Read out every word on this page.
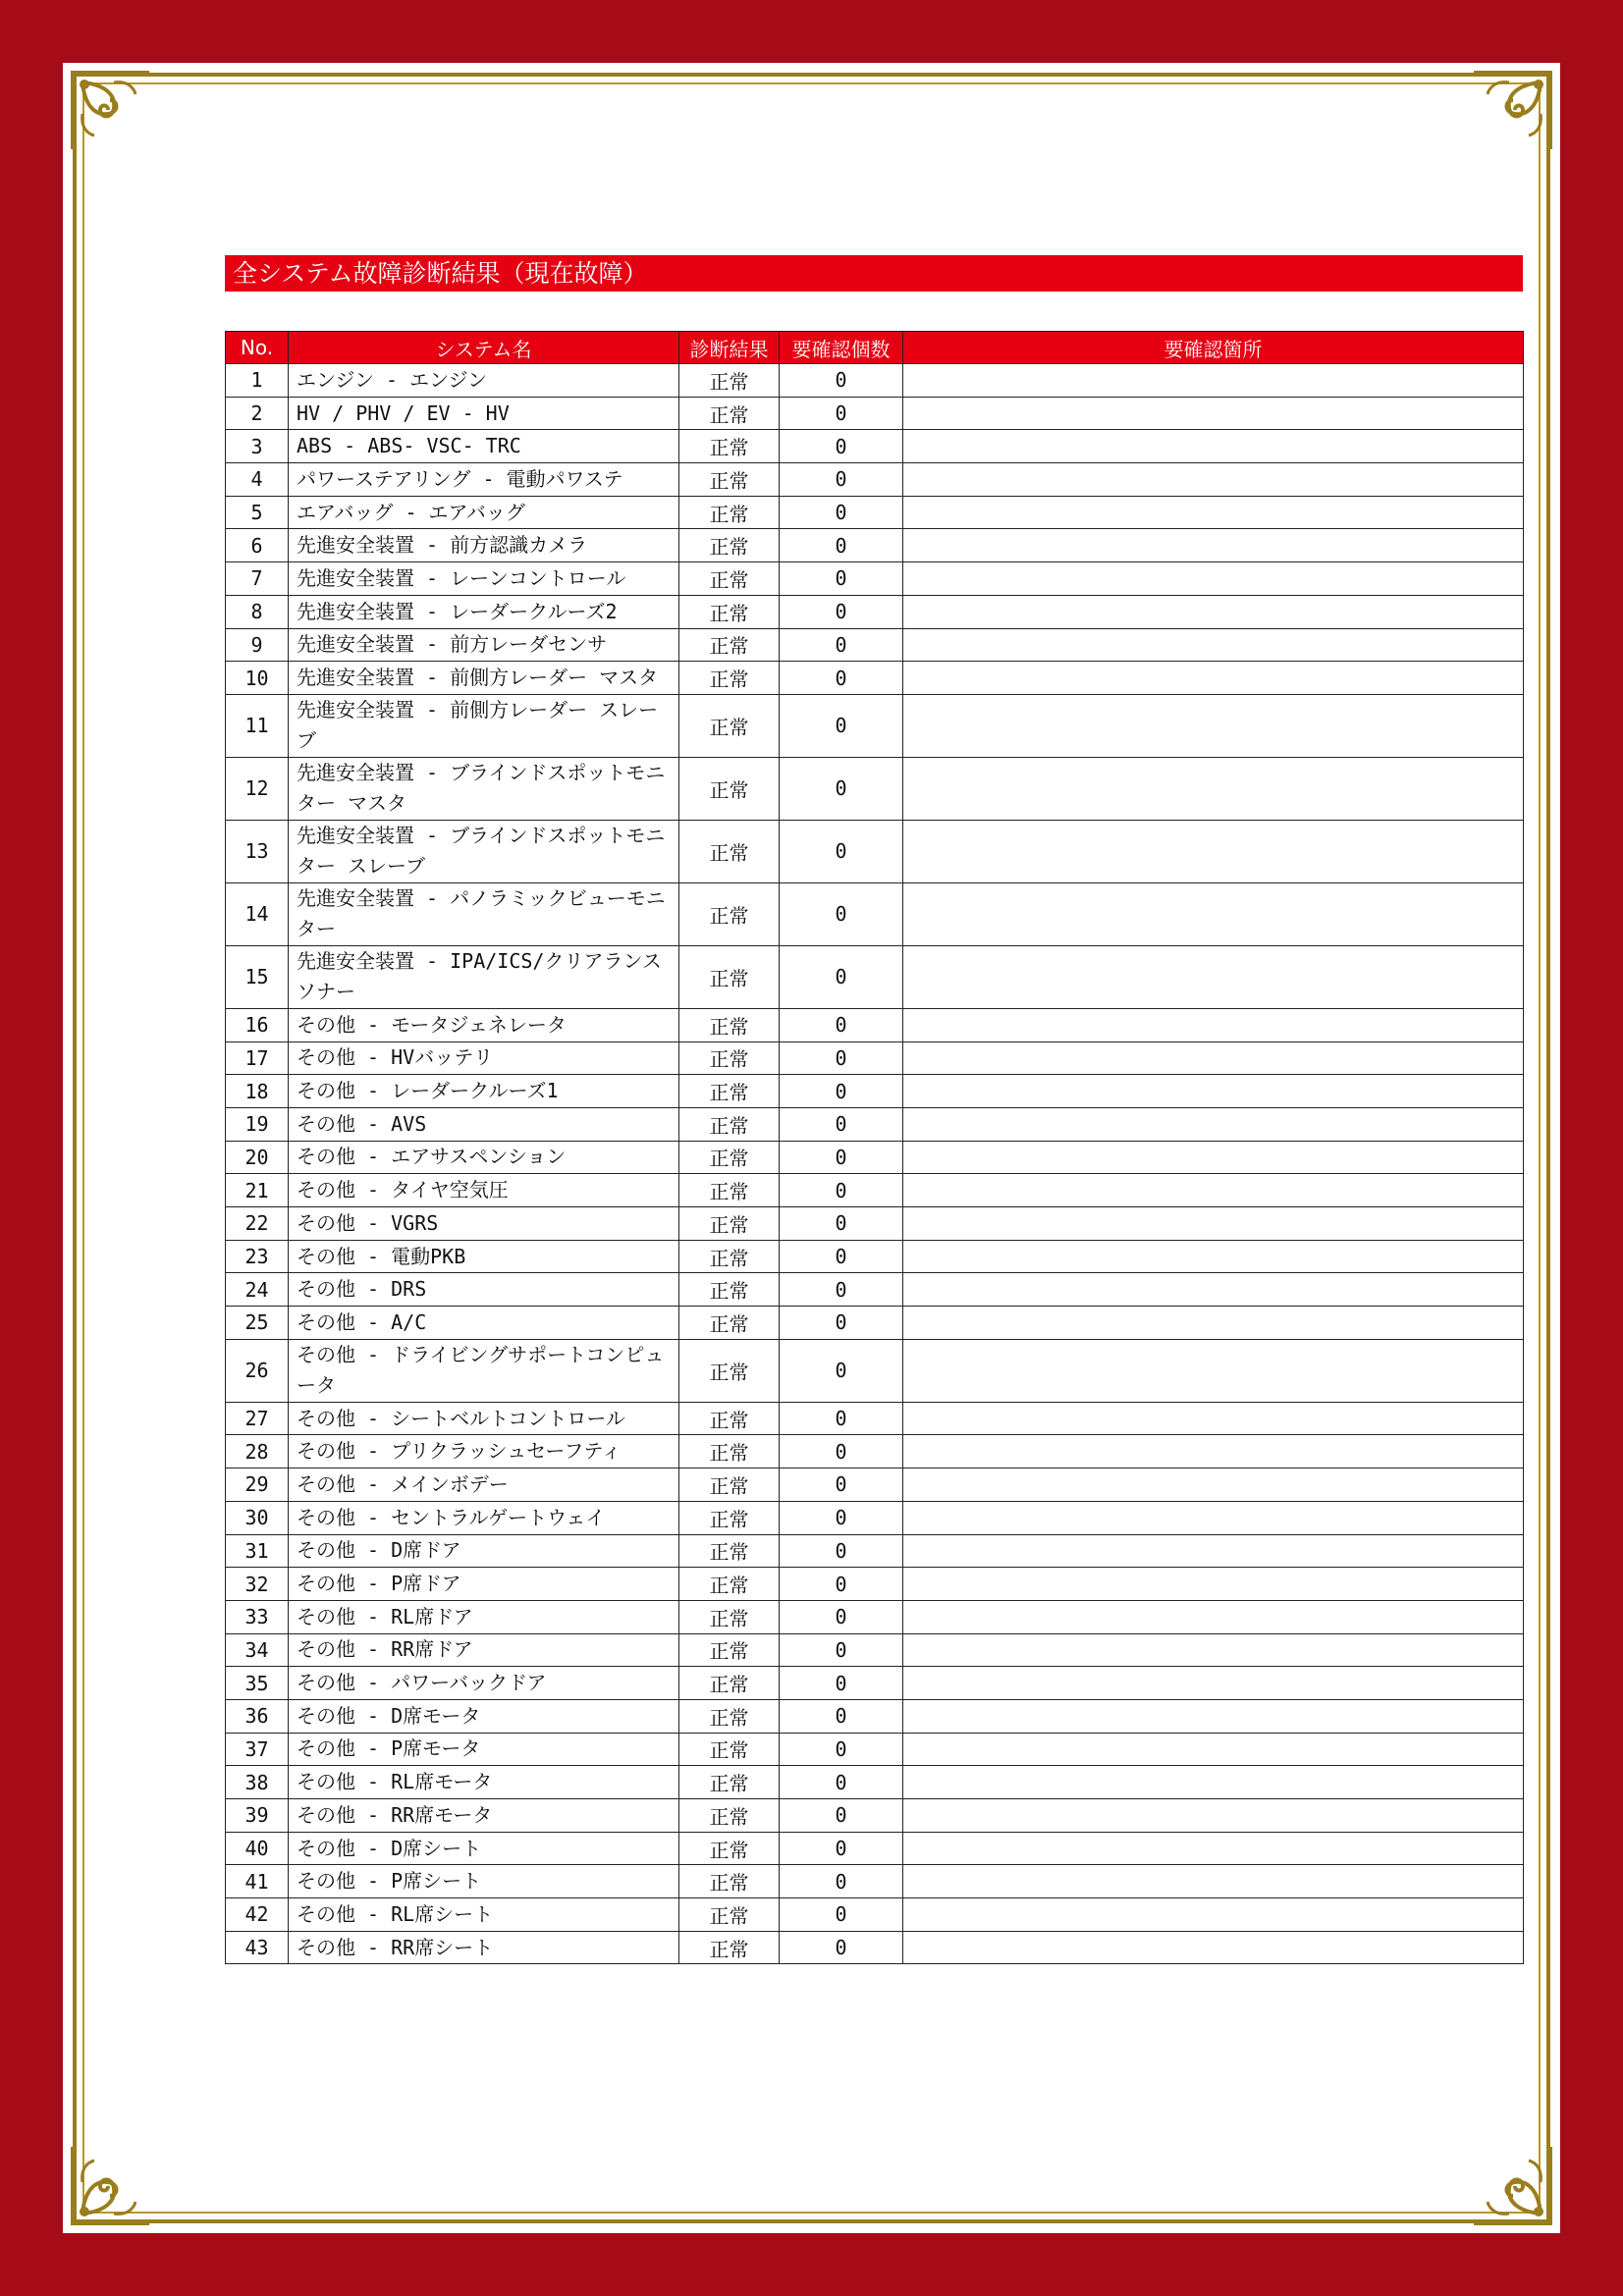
全システム故障診断結果（現在故障）
No.	システム名	診断結果	要確認個数	要確認箇所
1	エンジン - エンジン	正常	0	
2	HV / PHV / EV - HV	正常	0	
3	ABS - ABS- VSC- TRC	正常	0	
4	パワーステアリング - 電動パワステ	正常	0	
5	エアバッグ - エアバッグ	正常	0	
6	先進安全装置 - 前方認識カメラ	正常	0	
7	先進安全装置 - レーンコントロール	正常	0	
8	先進安全装置 - レーダークルーズ2	正常	0	
9	先進安全装置 - 前方レーダセンサ	正常	0	
10	先進安全装置 - 前側方レーダー マスタ	正常	0	
11	先進安全装置 - 前側方レーダー スレーブ	正常	0	
12	先進安全装置 - ブラインドスポットモニター マスタ	正常	0	
13	先進安全装置 - ブラインドスポットモニター スレーブ	正常	0	
14	先進安全装置 - パノラミックビューモニター	正常	0	
15	先進安全装置 - IPA/ICS/クリアランスソナー	正常	0	
16	その他 - モータジェネレータ	正常	0	
17	その他 - HVバッテリ	正常	0	
18	その他 - レーダークルーズ1	正常	0	
19	その他 - AVS	正常	0	
20	その他 - エアサスペンション	正常	0	
21	その他 - タイヤ空気圧	正常	0	
22	その他 - VGRS	正常	0	
23	その他 - 電動PKB	正常	0	
24	その他 - DRS	正常	0	
25	その他 - A/C	正常	0	
26	その他 - ドライビングサポートコンピュータ	正常	0	
27	その他 - シートベルトコントロール	正常	0	
28	その他 - プリクラッシュセーフティ	正常	0	
29	その他 - メインボデー	正常	0	
30	その他 - セントラルゲートウェイ	正常	0	
31	その他 - D席ドア	正常	0	
32	その他 - P席ドア	正常	0	
33	その他 - RL席ドア	正常	0	
34	その他 - RR席ドア	正常	0	
35	その他 - パワーバックドア	正常	0	
36	その他 - D席モータ	正常	0	
37	その他 - P席モータ	正常	0	
38	その他 - RL席モータ	正常	0	
39	その他 - RR席モータ	正常	0	
40	その他 - D席シート	正常	0	
41	その他 - P席シート	正常	0	
42	その他 - RL席シート	正常	0	
43	その他 - RR席シート	正常	0	
